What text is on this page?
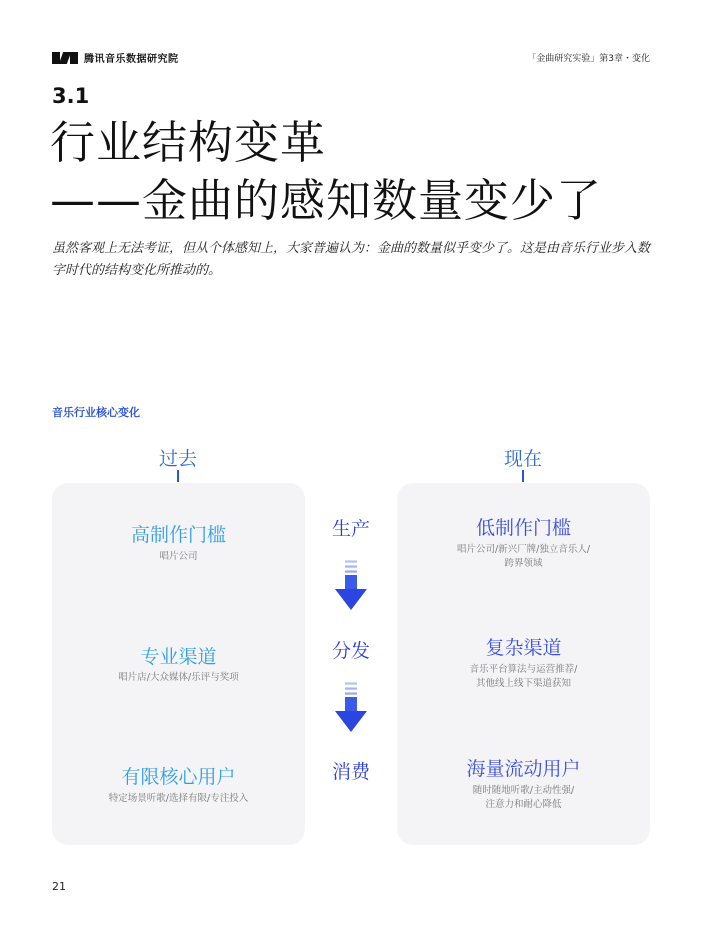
腾讯音乐数据研究院	「金曲研究实验」第3章・变化
3.1
行业结构变革
——金曲的感知数量变少了
虽然客观上无法考证，但从个体感知上，大家普遍认为：金曲的数量似乎变少了。这是由音乐行业步入数字时代的结构变化所推动的。
音乐行业核心变化
过去	现在
高制作门槛
唱片公司
专业渠道
唱片店/大众媒体/乐评与奖项
有限核心用户
特定场景听歌/选择有限/专注投入
低制作门槛
唱片公司/新兴厂牌/独立音乐人/
跨界领域
复杂渠道
音乐平台算法与运营推荐/
其他线上线下渠道获知
海量流动用户
随时随地听歌/主动性强/
注意力和耐心降低
生产
分发
消费
21
